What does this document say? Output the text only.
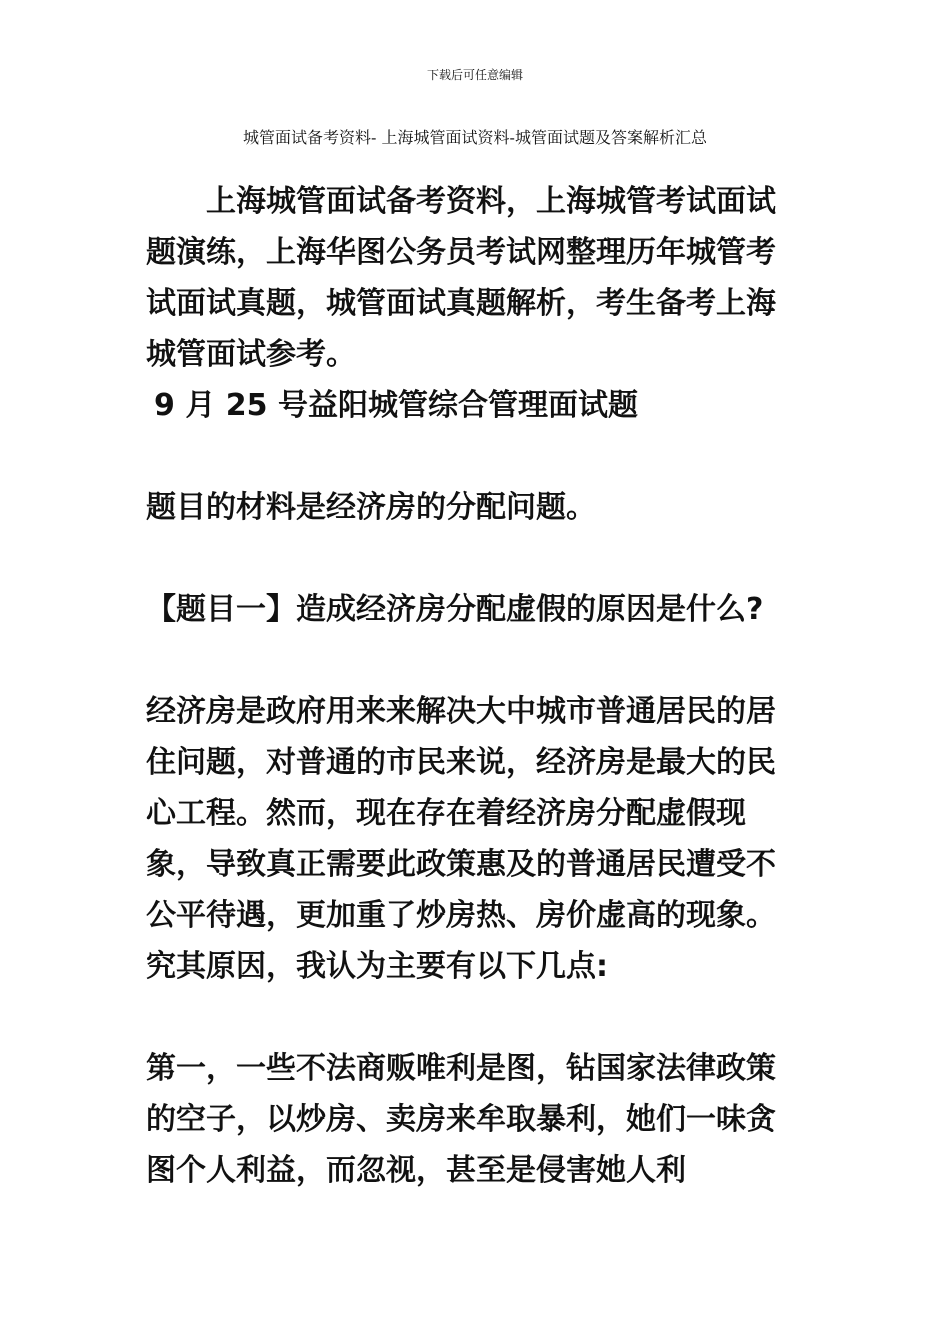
下载后可任意编辑
城管面试备考资料- 上海城管面试资料-城管面试题及答案解析汇总

上海城管面试备考资料，上海城管考试面试题演练，上海华图公务员考试网整理历年城管考试面试真题，城管面试真题解析，考生备考上海城管面试参考。

9 月 25 号益阳城管综合管理面试题

题目的材料是经济房的分配问题。

【题目一】造成经济房分配虚假的原因是什么?

经济房是政府用来来解决大中城市普通居民的居住问题，对普通的市民来说，经济房是最大的民心工程。然而，现在存在着经济房分配虚假现象，导致真正需要此政策惠及的普通居民遭受不公平待遇，更加重了炒房热、房价虚高的现象。究其原因，我认为主要有以下几点:

第一，一些不法商贩唯利是图，钻国家法律政策的空子，以炒房、卖房来牟取暴利，她们一味贪图个人利益，而忽视，甚至是侵害她人利
